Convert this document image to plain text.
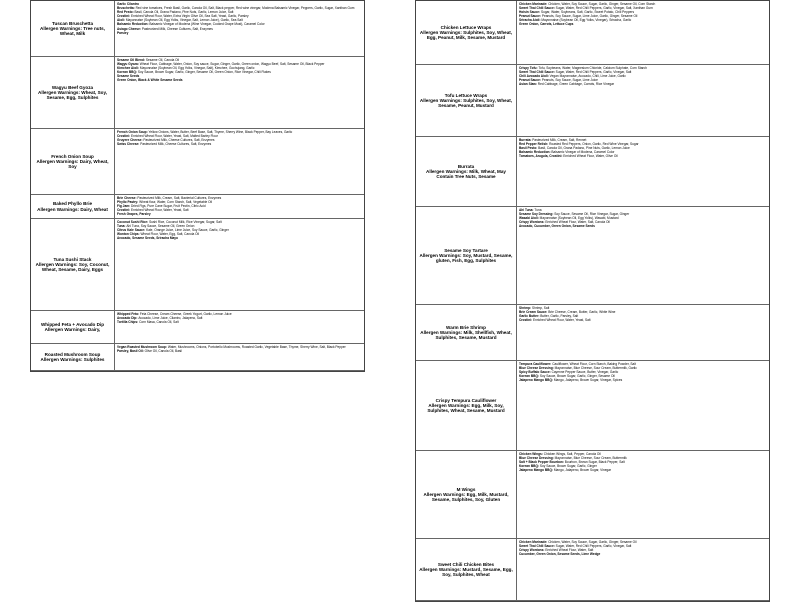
Tuscan Bruschetta
Allergen Warnings: Tree nuts, Wheat, Milk
Garlic Cilantro
Bruschetta: Red vine tomatoes, Fresh Basil, Garlic, Canola Oil, Salt, Black pepper, Red wine vinegar, Modena Balsamic Vinegar, Peppers, Garlic, Sugar, Xanthan Gum
Red Pesto: Basil, Canola Oil, Grana Padano, Pine Nuts, Garlic, Lemon Juice, Salt
Crostini: Enriched Wheat Flour, Water, Extra Virgin Olive Oil, Sea Salt, Yeast, Garlic, Parsley
Aioli: Mayonnaise (Soybean Oil, Egg Yolks, Vinegar, Salt, Lemon Juice), Garlic, Sea Salt
Balsamic Reduction: Balsamic Vinegar of Modena (Wine Vinegar, Cooked Grape Must), Caramel Color
Asiago Cheese: Pasteurized Milk, Cheese Cultures, Salt, Enzymes
Parsley
Wagyu Beef Gyoza
Allergen Warnings: Wheat, Soy, Sesame, Egg, Sulphites
Sesame Oil Blend: Sesame Oil, Canola Oil
Wagyu Gyoza: Wheat Flour, Cabbage, Water, Onion, Soy sauce, Sugar, Ginger, Garlic, Green onion, Wagyu Beef, Salt, Sesame Oil, Black Pepper
Kimchee Aioli: Mayonnaise (Soybean Oil, Egg Yolks, Vinegar, Salt), Kimchee, Gochujang, Garlic
Korean BBQ: Soy Sauce, Brown Sugar, Garlic, Ginger, Sesame Oil, Green Onion, Rice Vinegar, Chili Flakes
Sesame Seeds
Green Onion, Black & White Sesame Seeds
French Onion Soup
Allergen Warnings: Dairy, Wheat, Soy
French Onion Soup: Yellow Onions, Water, Butter, Beef Base, Salt, Thyme, Sherry Wine, Black Pepper, Bay Leaves, Garlic
Crostini: Enriched Wheat Flour, Water, Yeast, Salt, Malted Barley Flour
Gruyere Cheese: Pasteurized Milk, Cheese Cultures, Salt, Enzymes
Swiss Cheese: Pasteurized Milk, Cheese Cultures, Salt, Enzymes
Baked Phyllo Brie
Allergen Warnings: Dairy, Wheat
Brie Cheese: Pasteurized Milk, Cream, Salt, Bacterial Cultures, Enzymes
Phyllo Pastry: Wheat flour, Water, Corn Starch, Salt, Vegetable Oil
Fig Jam: Dried Figs, Pure Cane Sugar, Fruit Pectin, Citric Acid
Crostini: Enriched Wheat Flour, Water, Yeast, Salt
Fresh Grapes, Parsley
Tuna Sushi Stack
Allergen Warnings: Soy, Coconut, Wheat, Sesame, Dairy, Eggs
Coconut Sushi Rice: Sushi Rice, Coconut Milk, Rice Vinegar, Sugar, Salt
Tuna: Ahi Tuna, Soy Sauce, Sesame Oil, Green Onion
Citrus Kale Sauce: Kale, Orange Juice, Lime Juice, Soy Sauce, Garlic, Ginger
Wonton Chips: Wheat Flour, Water, Egg, Salt, Canola Oil
Avocado, Sesame Seeds, Sriracha Mayo
Whipped Feta + Avocado Dip
Allergen Warnings: Dairy,
Whipped Feta: Feta Cheese, Cream Cheese, Greek Yogurt, Garlic, Lemon Juice
Avocado Dip: Avocado, Lime Juice, Cilantro, Jalapeno, Salt
Tortilla Chips: Corn Masa, Canola Oil, Salt
Roasted Mushroom Soup
Allergen Warnings: Sulphites
Vegan Roasted Mushroom Soup: Water, Mushrooms, Onions, Portobello Mushrooms, Roasted Garlic, Vegetable Base, Thyme, Sherry Wine, Salt, Black Pepper
Parsley, Basil Oil: Olive Oil, Canola Oil, Basil
Chicken Lettuce Wraps
Allergen Warnings: Sulphites, Soy, Wheat, Egg, Peanut, Milk, Sesame, Mustard
Chicken Marinade: Chicken, Water, Soy Sauce, Sugar, Garlic, Ginger, Sesame Oil, Corn Starch
Sweet Thai Chili Sauce: Sugar, Water, Red Chili Peppers, Garlic, Vinegar, Salt, Xanthan Gum
Hoisin Sauce: Sugar, Water, Soybeans, Salt, Garlic, Sweet Potato, Chili Peppers
Peanut Sauce: Peanuts, Soy Sauce, Sugar, Lime Juice, Garlic, Ginger, Sesame Oil
Sriracha Aioli: Mayonnaise (Soybean Oil, Egg Yolks, Vinegar), Sriracha, Garlic
Green Onion, Carrots, Lettuce Cups
Tofu Lettuce Wraps
Allergen Warnings: Sulphites, Soy, Wheat, Sesame, Peanut, Mustard
Crispy Tofu: Tofu, Soybeans, Water, Magnesium Chloride, Calcium Sulphate, Corn Starch
Sweet Thai Chili Sauce: Sugar, Water, Red Chili Peppers, Garlic, Vinegar, Salt
Chili Avocado Aioli: Vegan Mayonnaise, Avocado, Chili, Lime Juice, Garlic
Peanut Sauce: Peanuts, Soy Sauce, Sugar, Lime Juice
Asian Slaw: Red Cabbage, Green Cabbage, Carrots, Rice Vinegar
Burrata
Allergen Warnings: Milk, Wheat, May Contain Tree Nuts, Sesame
Burrata: Pasteurized Milk, Cream, Salt, Rennet
Red Pepper Relish: Roasted Red Peppers, Onion, Garlic, Red Wine Vinegar, Sugar
Basil Pesto: Basil, Canola Oil, Grana Padano, Pine Nuts, Garlic, Lemon Juice
Balsamic Reduction: Balsamic Vinegar of Modena, Caramel Color
Tomatoes, Arugula, Crostini: Enriched Wheat Flour, Water, Olive Oil
Sesame Soy Tartare
Allergen Warnings: Soy, Mustard, Sesame, gluten, Fish, Egg, Sulphites
Ahi Tuna: Tuna
Sesame Soy Dressing: Soy Sauce, Sesame Oil, Rice Vinegar, Sugar, Ginger
Wasabi Aioli: Mayonnaise (Soybean Oil, Egg Yolks), Wasabi, Mustard
Crispy Wontons: Enriched Wheat Flour, Water, Salt, Canola Oil
Avocado, Cucumber, Green Onion, Sesame Seeds
Warm Brie Shrimp
Allergen Warnings: Milk, Shellfish, Wheat, Sulphites, Sesame, Mustard
Shrimp: Shrimp, Salt
Brie Cream Sauce: Brie Cheese, Cream, Butter, Garlic, White Wine
Garlic Butter: Butter, Garlic, Parsley, Salt
Crostini: Enriched Wheat Flour, Water, Yeast, Salt
Crispy Tempura Cauliflower
Allergen Warnings: Egg, Milk, Soy, Sulphites, Wheat, Sesame, Mustard
Tempura Cauliflower: Cauliflower, Wheat Flour, Corn Starch, Baking Powder, Salt
Blue Cheese Dressing: Mayonnaise, Blue Cheese, Sour Cream, Buttermilk, Garlic
Spicy Buffalo Sauce: Cayenne Pepper Sauce, Butter, Vinegar, Garlic
Korean BBQ: Soy Sauce, Brown Sugar, Garlic, Ginger, Sesame Oil
Jalapeno Mango BBQ: Mango, Jalapeno, Brown Sugar, Vinegar, Spices
M Wings
Allergen Warnings: Egg, Milk, Mustard, Sesame, Sulphites, Soy, Gluten
Chicken Wings: Chicken Wings, Salt, Pepper, Canola Oil
Blue Cheese Dressing: Mayonnaise, Blue Cheese, Sour Cream, Buttermilk
Salt + Black Pepper Bourbon: Bourbon, Brown Sugar, Black Pepper, Salt
Korean BBQ: Soy Sauce, Brown Sugar, Garlic, Ginger
Jalapeno Mango BBQ: Mango, Jalapeno, Brown Sugar, Vinegar
Sweet Chili Chicken Bites
Allergen Warnings: Mustard, Sesame, Egg, Soy, Sulphites, Wheat
Chicken Marinade: Chicken, Water, Soy Sauce, Sugar, Garlic, Ginger, Sesame Oil
Sweet Thai Chili Sauce: Sugar, Water, Red Chili Peppers, Garlic, Vinegar, Salt
Crispy Wontons: Enriched Wheat Flour, Water, Salt
Cucumber, Green Onion, Sesame Seeds, Lime Wedge
